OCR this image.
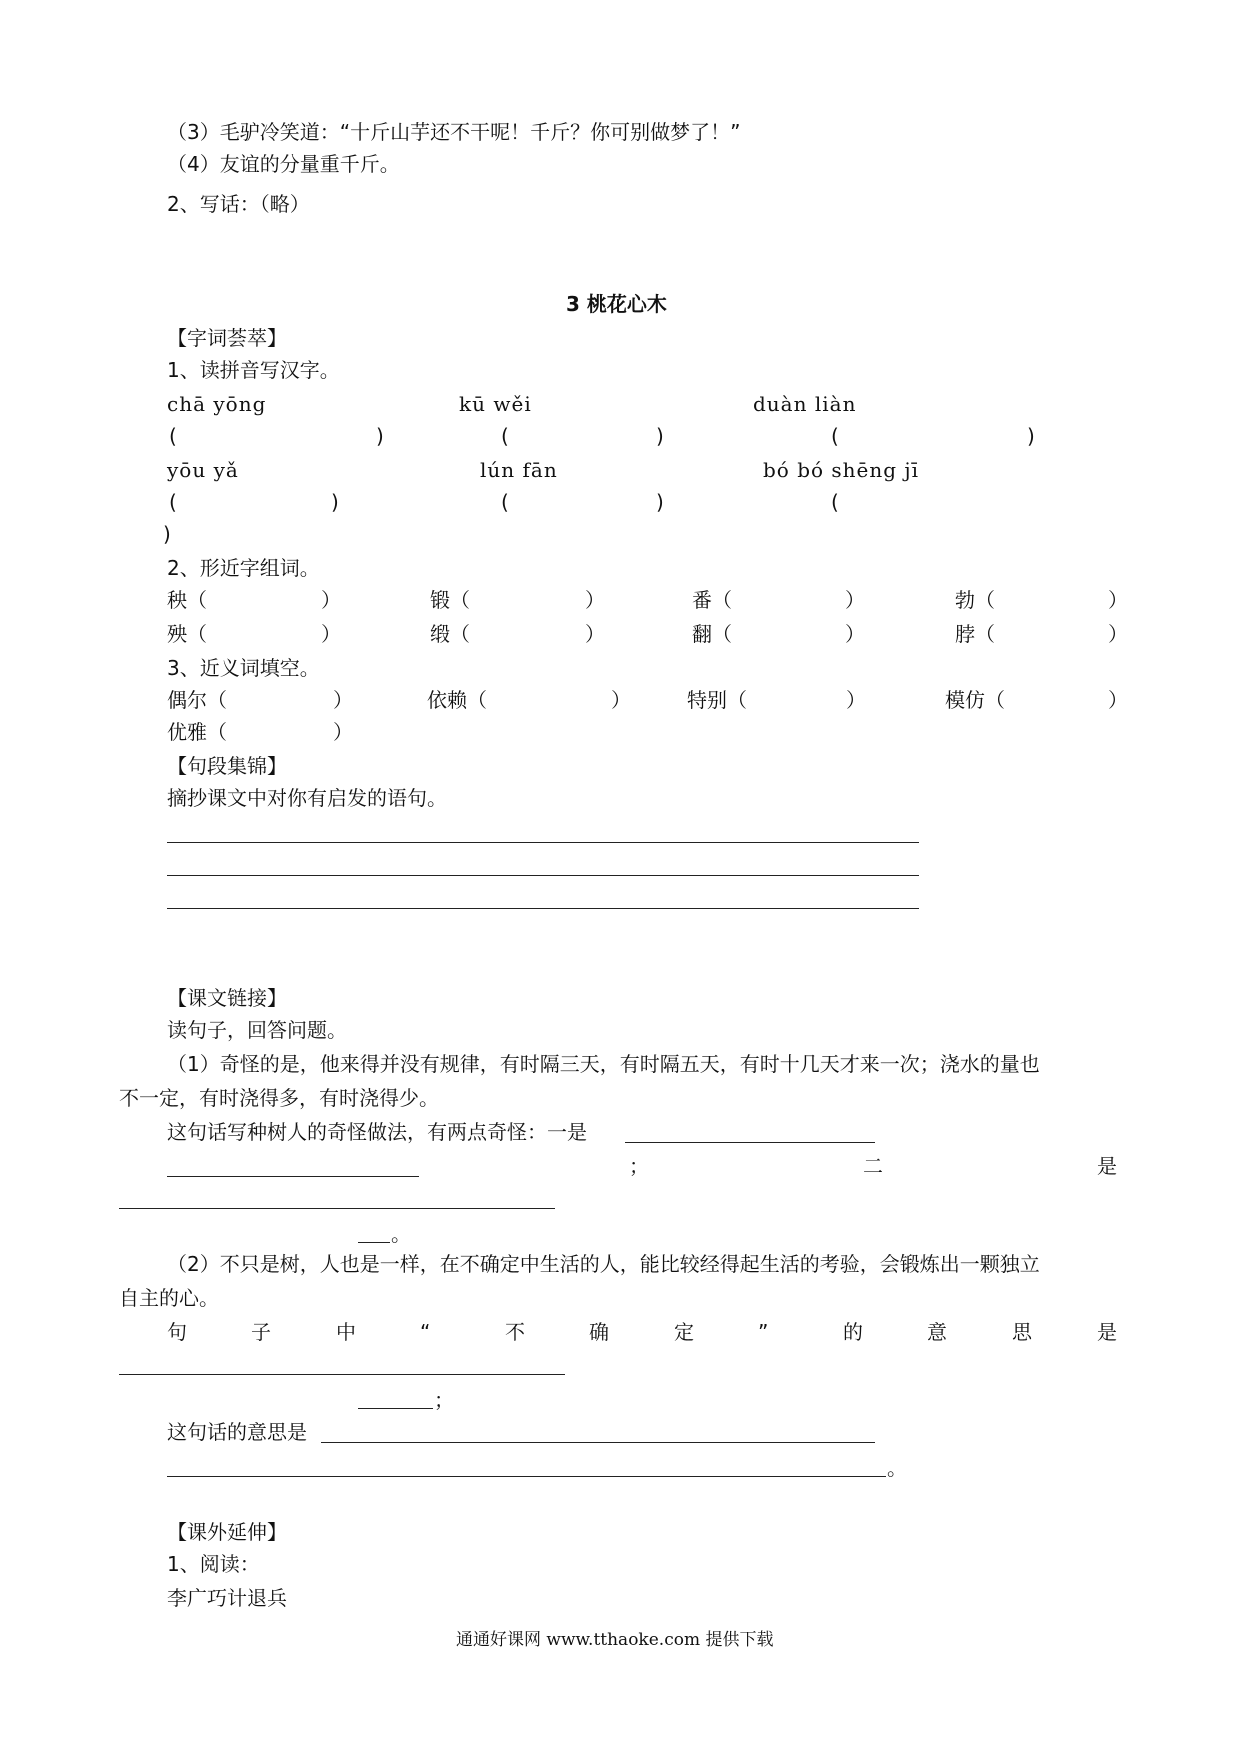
（3）毛驴冷笑道：“十斤山芋还不干呢！千斤？你可别做梦了！”
（4）友谊的分量重千斤。
2、写话：（略）
3 桃花心木
【字词荟萃】
1、读拼音写汉字。
chā yōng	kū wěi	duàn liàn
(	)	(	)	(	)
yōu yǎ	lún fān	bó bó shēng jī
(	)	(	)	(
)
2、形近字组词。
秧（	）	锻（	）	番（	）	勃（	）
殃（	）	缎（	）	翻（	）	脖（	）
3、近义词填空。
偶尔（	）	依赖（	）	特别（	）	模仿（	）
优雅（	）
【句段集锦】
摘抄课文中对你有启发的语句。
【课文链接】
读句子，回答问题。
（1）奇怪的是，他来得并没有规律，有时隔三天，有时隔五天，有时十几天才来一次；浇水的量也
不一定，有时浇得多，有时浇得少。
这句话写种树人的奇怪做法，有两点奇怪：一是
；	二	是
。
（2）不只是树，人也是一样，在不确定中生活的人，能比较经得起生活的考验，会锻炼出一颗独立
自主的心。
句	子	中	“	不	确	定	”	的	意	思	是
；
这句话的意思是
。
【课外延伸】
1、阅读：
李广巧计退兵
通通好课网 www.tthaoke.com 提供下载
